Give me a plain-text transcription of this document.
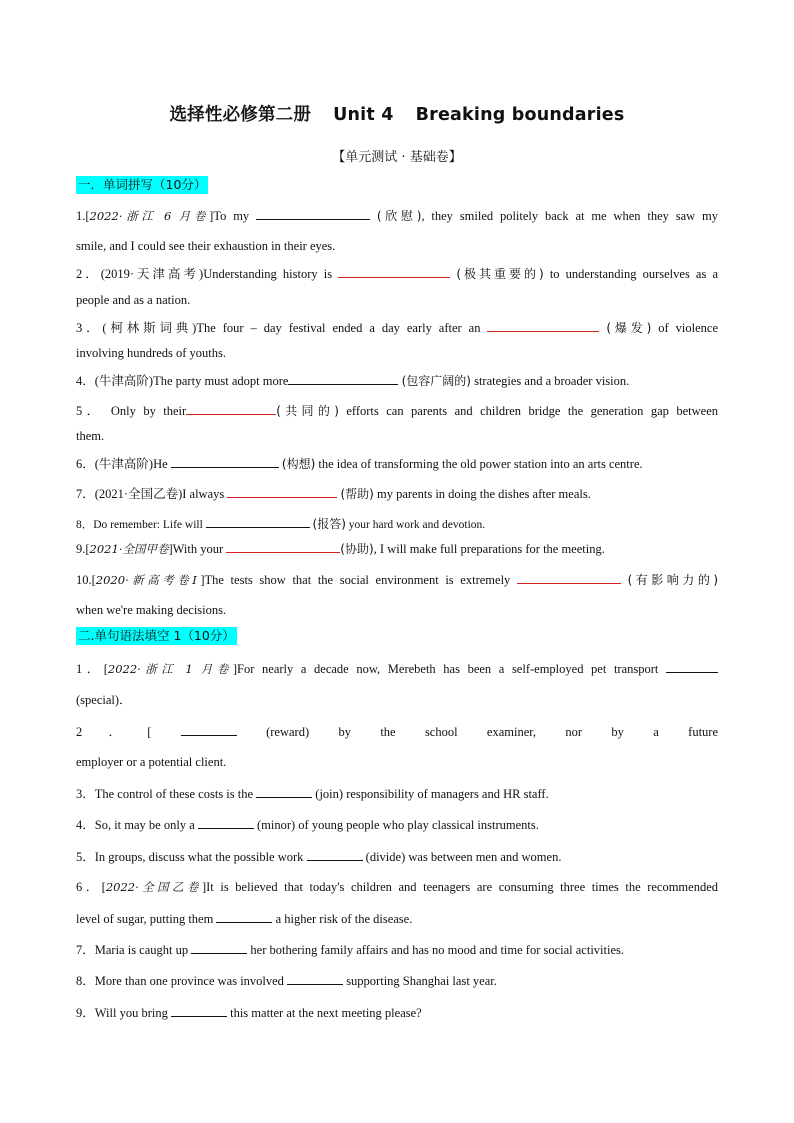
选择性必修第二册 Unit 4 Breaking boundaries
【单元测试 · 基础卷】
一．单词拼写（10分）
1.[2022·浙江 6 月卷]To my	(欣慰), they smiled politely back at me when they saw my
smile, and I could see their exhaustion in their eyes.
2．(2019·天津高考)Understanding history is	(极其重要的) to understanding ourselves as a
people and as a nation.
3．(柯林斯词典)The four – day festival ended a day early after an	(爆发) of violence
involving hundreds of youths.
4．(牛津高阶)The party must adopt more	(包容广阔的) strategies and a broader vision.
5． Only by their	(共同的) efforts can parents and children bridge the generation gap between
them.
6．(牛津高阶)He	(构想) the idea of transforming the old power station into an arts centre.
7．(2021·全国乙卷)I always	(帮助) my parents in doing the dishes after meals.
8．Do remember: Life will	(报答) your hard work and devotion.
9.[2021·全国甲卷]With your	(协助), I will make full preparations for the meeting.
10.[2020·新高考卷Ⅰ]The tests show that the social environment is extremely	(有影响力的)
when we're making decisions.
二.单句语法填空 1（10分）
1．[2022·浙江 1 月卷]For nearly a decade now, Merebeth has been a self-employed pet transport
(special)．
2．[	(reward) by the school examiner, nor by a future
employer or a potential client.
3．The control of these costs is the	(join) responsibility of managers and HR staff.
4．So, it may be only a	(minor) of young people who play classical instruments.
5．In groups, discuss what the possible work	(divide) was between men and women.
6．[2022·全国乙卷]It is believed that today's children and teenagers are consuming three times the recommended
level of sugar, putting them	a higher risk of the disease.
7．Maria is caught up	her bothering family affairs and has no mood and time for social activities.
8．More than one province was involved	supporting Shanghai last year.
9．Will you bring	this matter at the next meeting please?
